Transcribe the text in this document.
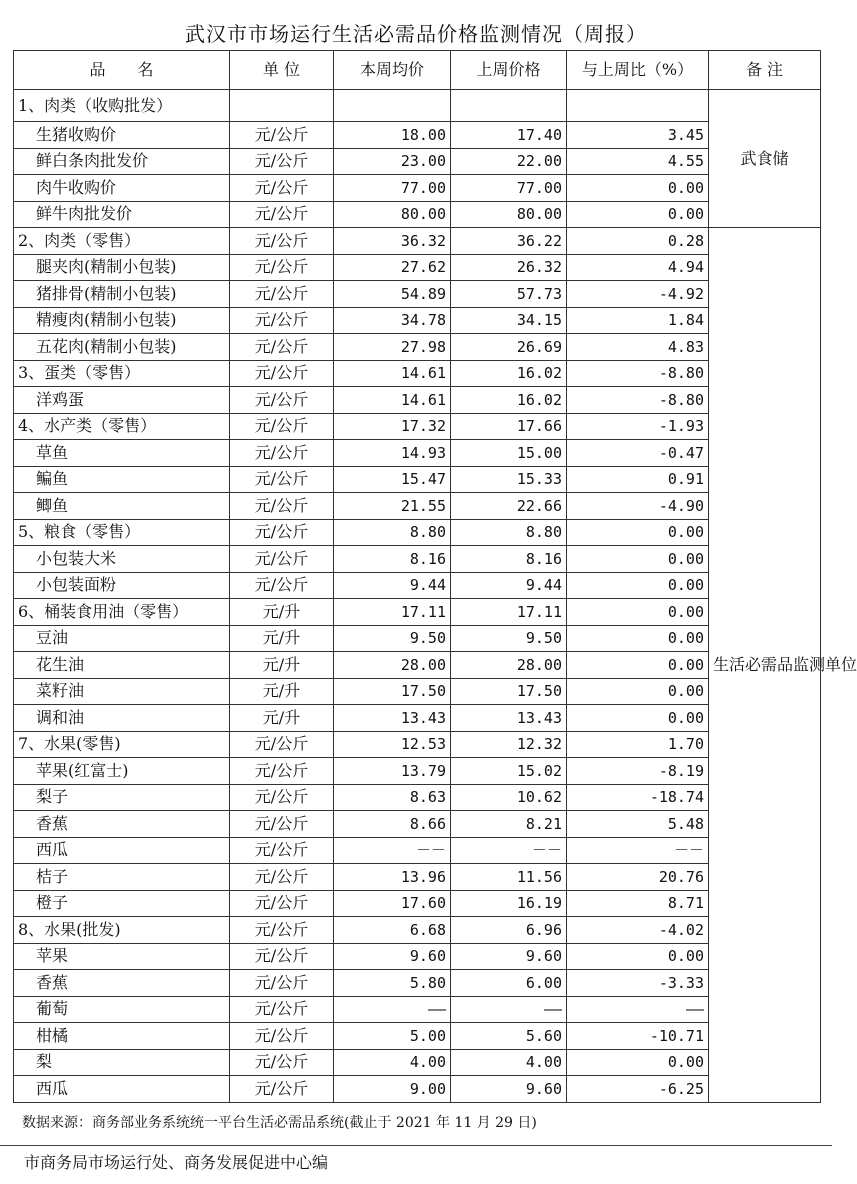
武汉市市场运行生活必需品价格监测情况（周报）
品　　名	单 位	本周均价	上周价格	与上周比（%）	备 注
1、肉类（收购批发）					武食储
生猪收购价	元/公斤	18.00	17.40	3.45	
鲜白条肉批发价	元/公斤	23.00	22.00	4.55	
肉牛收购价	元/公斤	77.00	77.00	0.00	
鲜牛肉批发价	元/公斤	80.00	80.00	0.00	
2、肉类（零售）	元/公斤	36.32	36.22	0.28	生活必需品监测单位
腿夹肉(精制小包装)	元/公斤	27.62	26.32	4.94	
猪排骨(精制小包装)	元/公斤	54.89	57.73	-4.92	
精瘦肉(精制小包装)	元/公斤	34.78	34.15	1.84	
五花肉(精制小包装)	元/公斤	27.98	26.69	4.83	
3、蛋类（零售）	元/公斤	14.61	16.02	-8.80	
洋鸡蛋	元/公斤	14.61	16.02	-8.80	
4、水产类（零售）	元/公斤	17.32	17.66	-1.93	
草鱼	元/公斤	14.93	15.00	-0.47	
鳊鱼	元/公斤	15.47	15.33	0.91	
鲫鱼	元/公斤	21.55	22.66	-4.90	
5、粮食（零售）	元/公斤	8.80	8.80	0.00	
小包装大米	元/公斤	8.16	8.16	0.00	
小包装面粉	元/公斤	9.44	9.44	0.00	
6、桶装食用油（零售）	元/升	17.11	17.11	0.00	
豆油	元/升	9.50	9.50	0.00	
花生油	元/升	28.00	28.00	0.00	
菜籽油	元/升	17.50	17.50	0.00	
调和油	元/升	13.43	13.43	0.00	
7、水果(零售)	元/公斤	12.53	12.32	1.70	
苹果(红富士)	元/公斤	13.79	15.02	-8.19	
梨子	元/公斤	8.63	10.62	-18.74	
香蕉	元/公斤	8.66	8.21	5.48	
西瓜	元/公斤	－－	－－	－－	
桔子	元/公斤	13.96	11.56	20.76	
橙子	元/公斤	17.60	16.19	8.71	
8、水果(批发)	元/公斤	6.68	6.96	-4.02	
苹果	元/公斤	9.60	9.60	0.00	
香蕉	元/公斤	5.80	6.00	-3.33	
葡萄	元/公斤	——	——	——	
柑橘	元/公斤	5.00	5.60	-10.71	
梨	元/公斤	4.00	4.00	0.00	
西瓜	元/公斤	9.00	9.60	-6.25	
数据来源：商务部业务系统统一平台生活必需品系统(截止于 2021 年 11 月 29 日)
市商务局市场运行处、商务发展促进中心编
